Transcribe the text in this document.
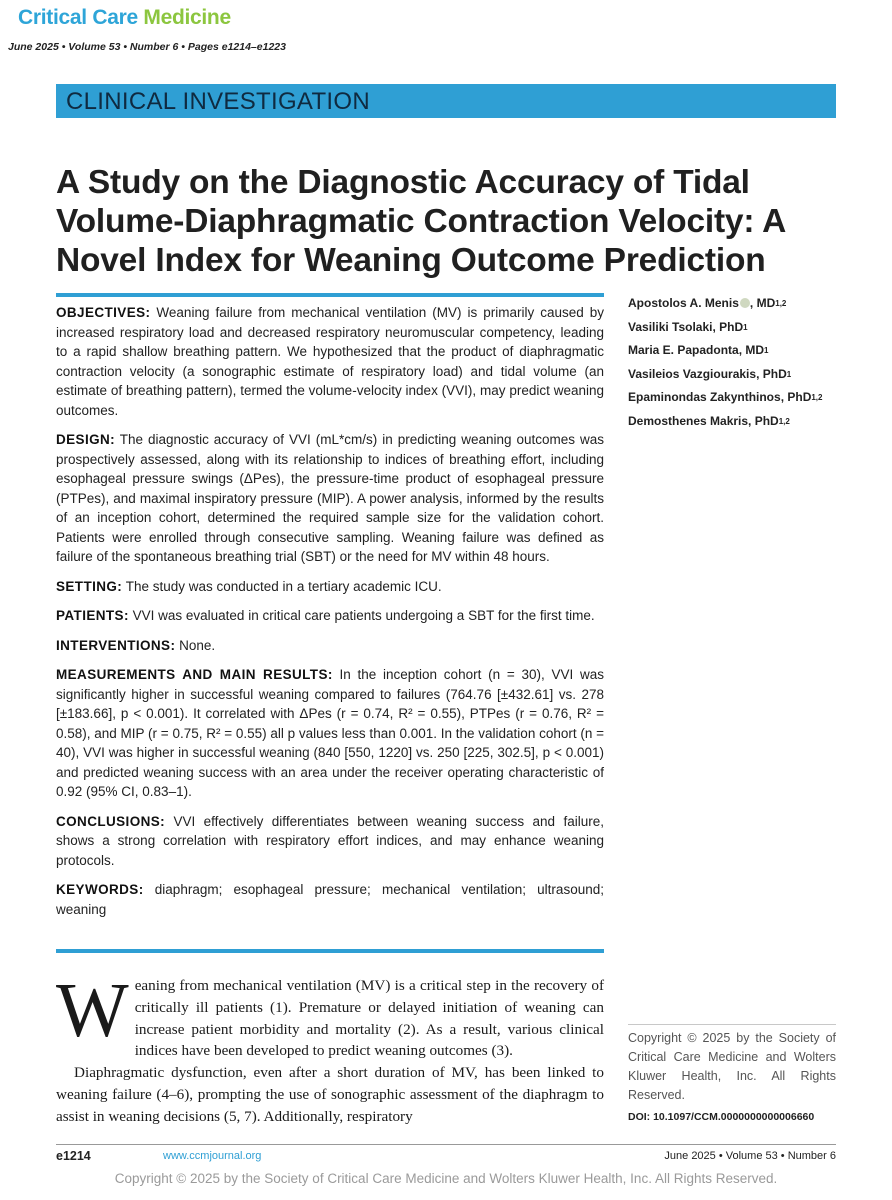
Critical Care Medicine
June 2025 • Volume 53 • Number 6 • Pages e1214–e1223
CLINICAL INVESTIGATION
A Study on the Diagnostic Accuracy of Tidal Volume-Diaphragmatic Contraction Velocity: A Novel Index for Weaning Outcome Prediction

OBJECTIVES: Weaning failure from mechanical ventilation (MV) is primarily caused by increased respiratory load and decreased respiratory neuromuscular competency, leading to a rapid shallow breathing pattern. We hypothesized that the product of diaphragmatic contraction velocity (a sonographic estimate of respiratory load) and tidal volume (an estimate of breathing pattern), termed the volume-velocity index (VVI), may predict weaning outcomes.

DESIGN: The diagnostic accuracy of VVI (mL*cm/s) in predicting weaning outcomes was prospectively assessed, along with its relationship to indices of breathing effort, including esophageal pressure swings (ΔPes), the pressure-time product of esophageal pressure (PTPes), and maximal inspiratory pressure (MIP). A power analysis, informed by the results of an inception cohort, determined the required sample size for the validation cohort. Patients were enrolled through consecutive sampling. Weaning failure was defined as failure of the spontaneous breathing trial (SBT) or the need for MV within 48 hours.

SETTING: The study was conducted in a tertiary academic ICU.

PATIENTS: VVI was evaluated in critical care patients undergoing a SBT for the first time.

INTERVENTIONS: None.

MEASUREMENTS AND MAIN RESULTS: In the inception cohort (n = 30), VVI was significantly higher in successful weaning compared to failures (764.76 [±432.61] vs. 278 [±183.66], p < 0.001). It correlated with ΔPes (r = 0.74, R² = 0.55), PTPes (r = 0.76, R² = 0.58), and MIP (r = 0.75, R² = 0.55) all p values less than 0.001. In the validation cohort (n = 40), VVI was higher in successful weaning (840 [550, 1220] vs. 250 [225, 302.5], p < 0.001) and predicted weaning success with an area under the receiver operating characteristic of 0.92 (95% CI, 0.83–1).

CONCLUSIONS: VVI effectively differentiates between weaning success and failure, shows a strong correlation with respiratory effort indices, and may enhance weaning protocols.

KEYWORDS: diaphragm; esophageal pressure; mechanical ventilation; ultrasound; weaning

Apostolos A. Menis , MD$^{1,2}$
Vasiliki Tsolaki, PhD$^1$
Maria E. Papadonta, MD$^1$
Vasileios Vazgiourakis, PhD$^1$
Epaminondas Zakynthinos, PhD$^{1,2}$
Demosthenes Makris, PhD$^{1,2}$

Weaning from mechanical ventilation (MV) is a critical step in the recovery of critically ill patients (1). Premature or delayed initiation of weaning can increase patient morbidity and mortality (2). As a result, various clinical indices have been developed to predict weaning outcomes (3).

Diaphragmatic dysfunction, even after a short duration of MV, has been linked to weaning failure (4–6), prompting the use of sonographic assessment of the diaphragm to assist in weaning decisions (5, 7). Additionally, respiratory

Copyright © 2025 by the Society of Critical Care Medicine and Wolters Kluwer Health, Inc. All Rights Reserved.
DOI: 10.1097/CCM.0000000000006660
e1214	www.ccmjournal.org	June 2025 • Volume 53 • Number 6
Copyright © 2025 by the Society of Critical Care Medicine and Wolters Kluwer Health, Inc. All Rights Reserved.
